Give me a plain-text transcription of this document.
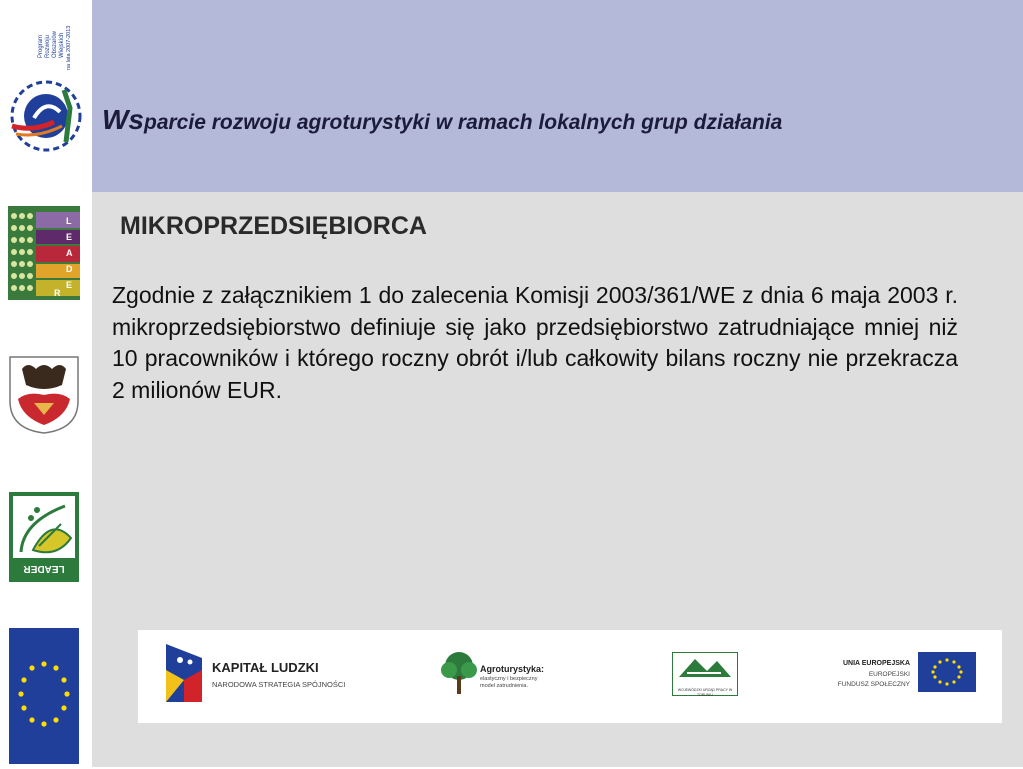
Program Rozwoju Obszarów Wiejskich na lata 2007-2013
L
E
A
D
E
R
LEADER
Wsparcie rozwoju agroturystyki w ramach lokalnych grup działania
MIKROPRZEDSIĘBIORCA
Zgodnie z załącznikiem 1 do zalecenia Komisji 2003/361/WE z dnia 6 maja 2003 r. mikroprzedsiębiorstwo definiuje się jako przedsiębiorstwo zatrudniające mniej niż 10 pracowników i którego roczny obrót i/lub całkowity bilans roczny nie przekracza 2 milionów EUR.
KAPITAŁ LUDZKI
NARODOWA STRATEGIA SPÓJNOŚCI
Agroturystyka:
elastyczny i bezpieczny
model zatrudnienia.
WOJEWÓDZKI URZĄD PRACY W TORUNIU
UNIA EUROPEJSKA
EUROPEJSKI
FUNDUSZ SPOŁECZNY
